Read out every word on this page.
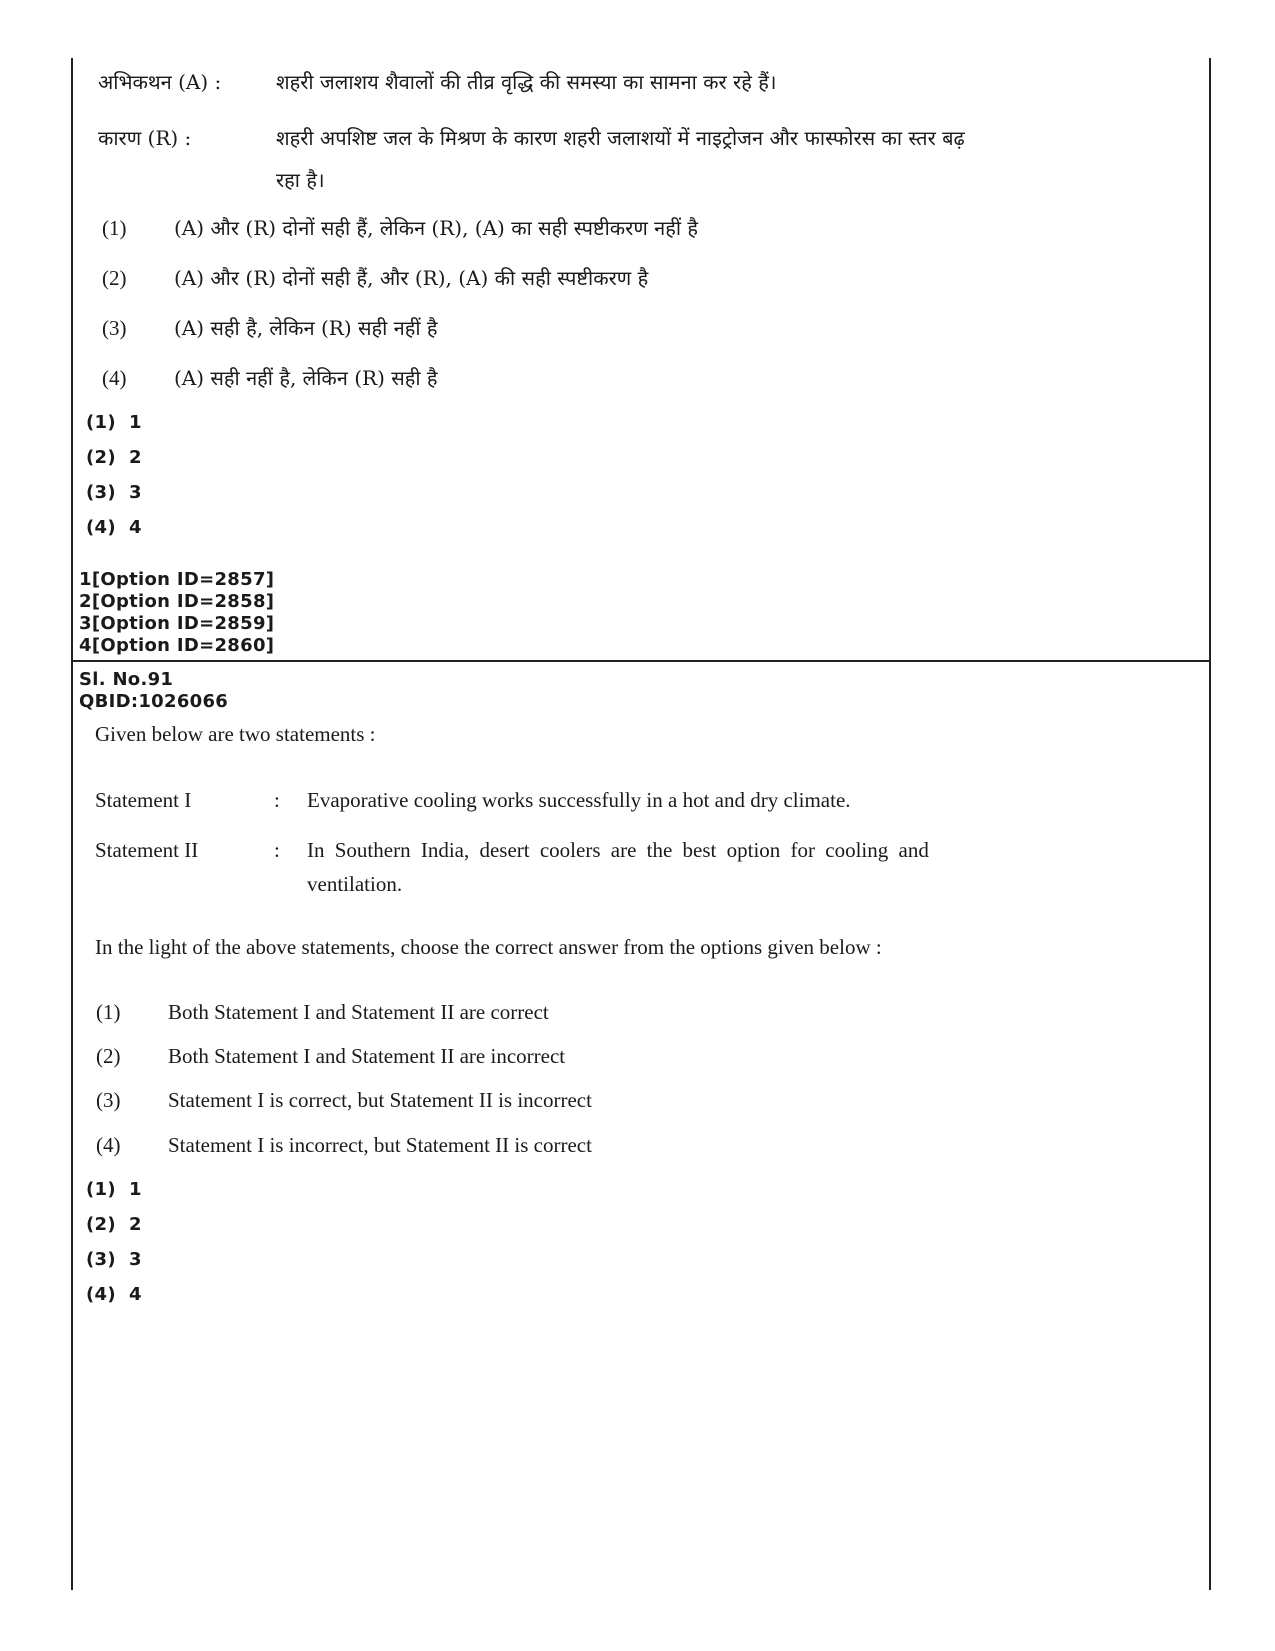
अभिकथन (A) :	शहरी जलाशय शैवालों की तीव्र वृद्धि की समस्या का सामना कर रहे हैं।
कारण (R) :	शहरी अपशिष्ट जल के मिश्रण के कारण शहरी जलाशयों में नाइट्रोजन और फास्फोरस का स्तर बढ़
रहा है।
(1) (A) और (R) दोनों सही हैं, लेकिन (R), (A) का सही स्पष्टीकरण नहीं है
(2) (A) और (R) दोनों सही हैं, और (R), (A) की सही स्पष्टीकरण है
(3) (A) सही है, लेकिन (R) सही नहीं है
(4) (A) सही नहीं है, लेकिन (R) सही है
(1)  1
(2)  2
(3)  3
(4)  4
1[Option ID=2857]
2[Option ID=2858]
3[Option ID=2859]
4[Option ID=2860]
Sl. No.91
QBID:1026066
Given below are two statements :
Statement I	: Evaporative cooling works successfully in a hot and dry climate.
Statement II	: In Southern India, desert coolers are the best option for cooling and
ventilation.
In the light of the above statements, choose the correct answer from the options given below :
(1) Both Statement I and Statement II are correct
(2) Both Statement I and Statement II are incorrect
(3) Statement I is correct, but Statement II is incorrect
(4) Statement I is incorrect, but Statement II is correct
(1)  1
(2)  2
(3)  3
(4)  4
